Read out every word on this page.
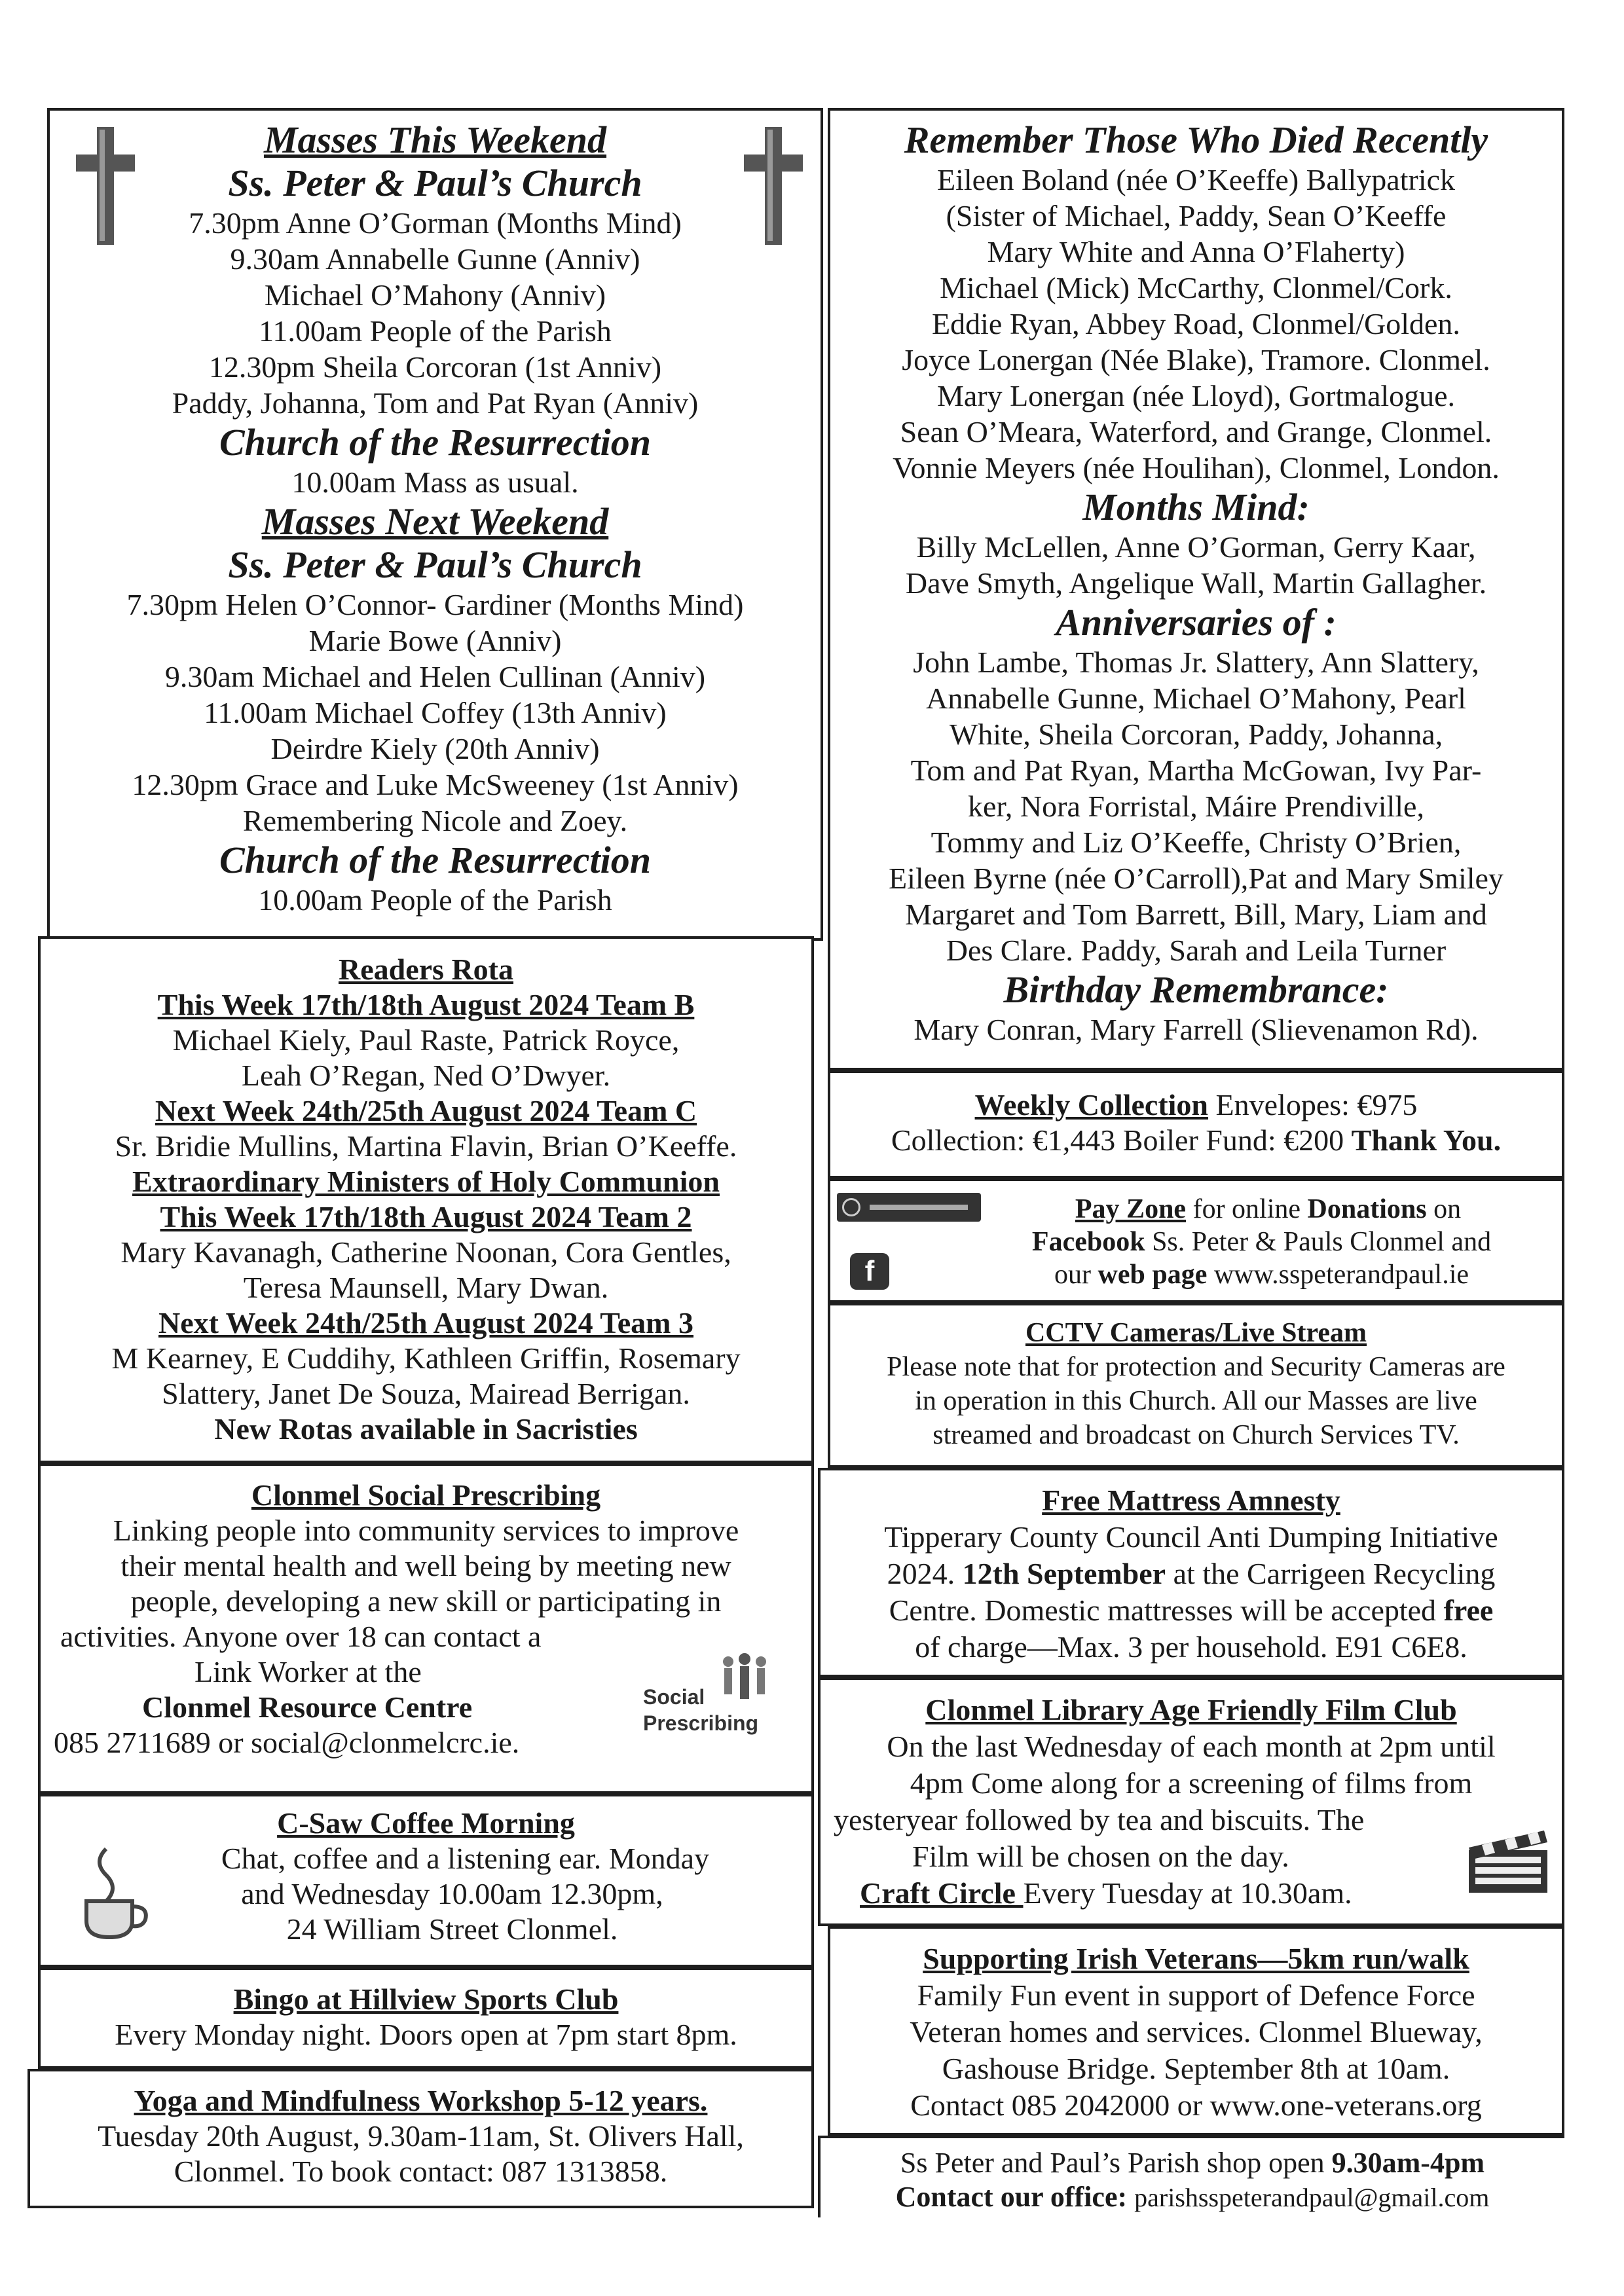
Masses This Weekend
Ss. Peter & Paul’s Church
7.30pm Anne O’Gorman (Months Mind)
9.30am Annabelle Gunne (Anniv)
Michael O’Mahony (Anniv)
11.00am People of the Parish
12.30pm Sheila Corcoran (1st Anniv)
Paddy, Johanna, Tom and Pat Ryan (Anniv)
Church of the Resurrection
10.00am Mass as usual.
Masses Next Weekend
Ss. Peter & Paul’s Church
7.30pm Helen O’Connor- Gardiner (Months Mind)
Marie Bowe (Anniv)
9.30am Michael and Helen Cullinan (Anniv)
11.00am Michael Coffey (13th Anniv)
Deirdre Kiely (20th Anniv)
12.30pm Grace and Luke McSweeney (1st Anniv)
Remembering Nicole and Zoey.
Church of the Resurrection
10.00am People of the Parish
Readers Rota
This Week 17th/18th August 2024 Team B
Michael Kiely, Paul Raste, Patrick Royce,
Leah O’Regan, Ned O’Dwyer.
Next Week 24th/25th August 2024 Team C
Sr. Bridie Mullins, Martina Flavin, Brian O’Keeffe.
Extraordinary Ministers of Holy Communion
This Week 17th/18th August 2024 Team 2
Mary Kavanagh, Catherine Noonan, Cora Gentles,
Teresa Maunsell, Mary Dwan.
Next Week 24th/25th August 2024 Team 3
M Kearney, E Cuddihy, Kathleen Griffin, Rosemary
Slattery, Janet De Souza, Mairead Berrigan.
New Rotas available in Sacristies
Clonmel Social Prescribing
Linking people into community services to improve
their mental health and well being by meeting new
people, developing a new skill or participating in
activities. Anyone over 18 can contact a
Link Worker at the
Clonmel Resource Centre
085 2711689 or social@clonmelcrc.ie.
Social
Prescribing
C-Saw Coffee Morning
Chat, coffee and a listening ear. Monday
and Wednesday 10.00am 12.30pm,
24 William Street Clonmel.
Bingo at Hillview Sports Club
Every Monday night. Doors open at 7pm start 8pm.
Yoga and Mindfulness Workshop 5-12 years.
Tuesday 20th August, 9.30am-11am, St. Olivers Hall,
Clonmel. To book contact: 087 1313858.
Remember Those Who Died Recently
Eileen Boland (née O’Keeffe) Ballypatrick
(Sister of Michael, Paddy, Sean O’Keeffe
Mary White and Anna O’Flaherty)
Michael (Mick) McCarthy, Clonmel/Cork.
Eddie Ryan, Abbey Road, Clonmel/Golden.
Joyce Lonergan (Née Blake), Tramore. Clonmel.
Mary Lonergan (née Lloyd), Gortmalogue.
Sean O’Meara, Waterford, and Grange, Clonmel.
Vonnie Meyers (née Houlihan), Clonmel, London.
Months Mind:
Billy McLellen, Anne O’Gorman, Gerry Kaar,
Dave Smyth, Angelique Wall, Martin Gallagher.
Anniversaries of :
John Lambe, Thomas Jr. Slattery, Ann Slattery,
Annabelle Gunne, Michael O’Mahony, Pearl
White, Sheila Corcoran, Paddy, Johanna,
Tom and Pat Ryan, Martha McGowan, Ivy Par-
ker, Nora Forristal, Máire Prendiville,
Tommy and Liz O’Keeffe, Christy O’Brien,
Eileen Byrne (née O’Carroll),Pat and Mary Smiley
Margaret and Tom Barrett, Bill, Mary, Liam and
Des Clare. Paddy, Sarah and Leila Turner
Birthday Remembrance:
Mary Conran, Mary Farrell (Slievenamon Rd).
Weekly Collection Envelopes: €975
Collection: €1,443 Boiler Fund: €200 Thank You.
f
Pay Zone for online Donations on
Facebook Ss. Peter & Pauls Clonmel and
our web page www.sspeterandpaul.ie
CCTV Cameras/Live Stream
Please note that for protection and Security Cameras are
in operation in this Church. All our Masses are live
streamed and broadcast on Church Services TV.
Free Mattress Amnesty
Tipperary County Council Anti Dumping Initiative
2024. 12th September at the Carrigeen Recycling
Centre. Domestic mattresses will be accepted free
of charge—Max. 3 per household. E91 C6E8.
Clonmel Library Age Friendly Film Club
On the last Wednesday of each month at 2pm until
4pm Come along for a screening of films from
yesteryear followed by tea and biscuits. The
Film will be chosen on the day.
Craft Circle Every Tuesday at 10.30am.
Supporting Irish Veterans—5km run/walk
Family Fun event in support of Defence Force
Veteran homes and services. Clonmel Blueway,
Gashouse Bridge. September 8th at 10am.
Contact 085 2042000 or www.one-veterans.org
Ss Peter and Paul’s Parish shop open 9.30am-4pm
Contact our office: parishsspeterandpaul@gmail.com
